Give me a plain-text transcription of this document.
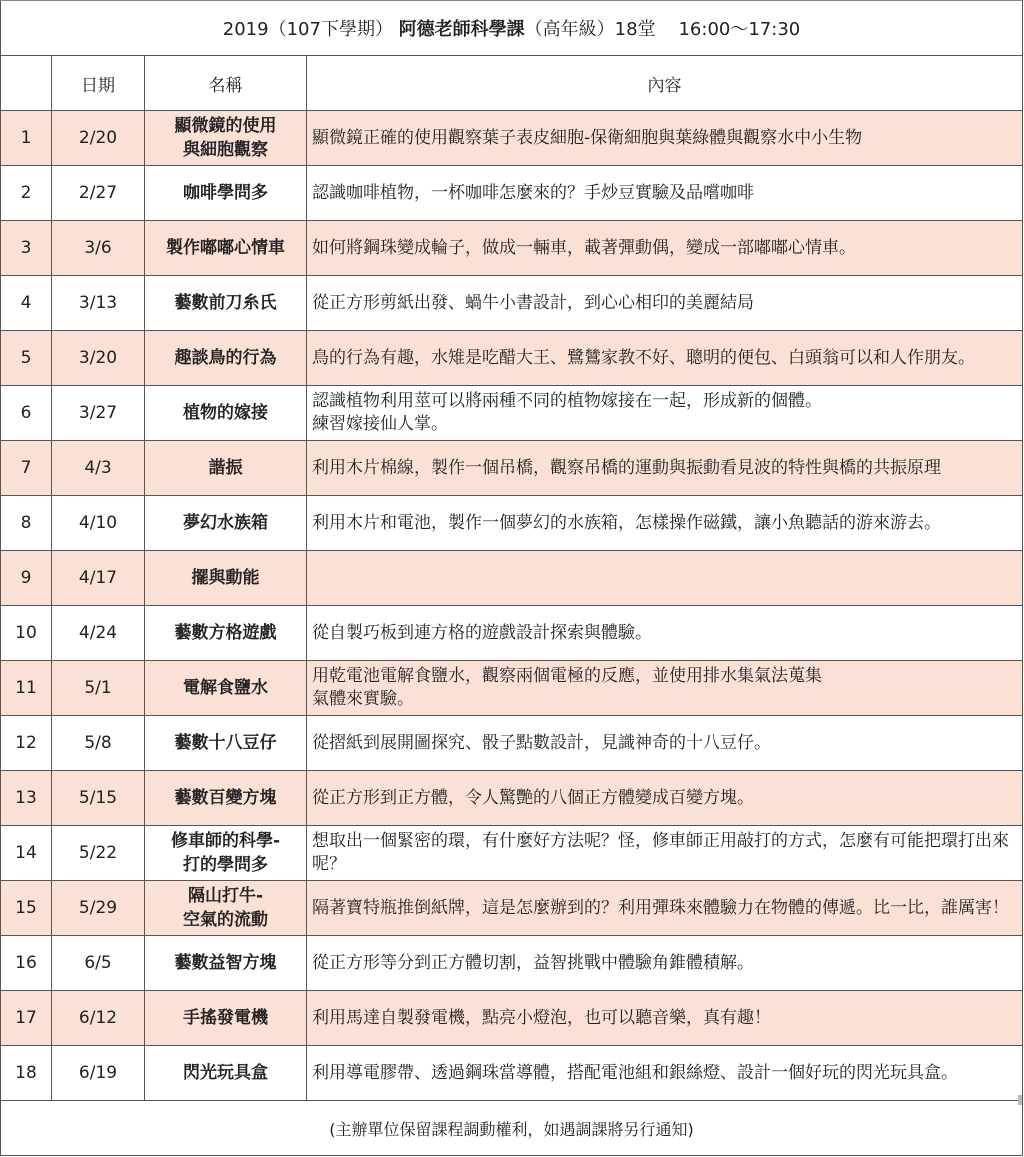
2019（107下學期） 阿德老師科學課（高年級）18堂 16:00～17:30			
	日期	名稱	內容
1	2/20	顯微鏡的使用
與細胞觀察	顯微鏡正確的使用觀察葉子表皮細胞-保衛細胞與葉綠體與觀察水中小生物

2	2/27	咖啡學問多	認識咖啡植物，一杯咖啡怎麼來的？手炒豆實驗及品嚐咖啡

3	3/6	製作嘟嘟心情車	如何將鋼珠變成輪子，做成一輛車，載著彈動偶，變成一部嘟嘟心情車。

4	3/13	藝數前刀糸氏	從正方形剪紙出發、蝸牛小書設計，到心心相印的美麗結局

5	3/20	趣談鳥的行為	鳥的行為有趣，水雉是吃醋大王、鷺鷥家教不好、聰明的便包、白頭翁可以和人作朋友。

6	3/27	植物的嫁接	認識植物利用莖可以將兩種不同的植物嫁接在一起，形成新的個體。
練習嫁接仙人掌。

7	4/3	諧振	利用木片棉線，製作一個吊橋，觀察吊橋的運動與振動看見波的特性與橋的共振原理

8	4/10	夢幻水族箱	利用木片和電池，製作一個夢幻的水族箱，怎樣操作磁鐵，讓小魚聽話的游來游去。

9	4/17	擺與動能	

10	4/24	藝數方格遊戲	從自製巧板到連方格的遊戲設計探索與體驗。

11	5/1	電解食鹽水	用乾電池電解食鹽水，觀察兩個電極的反應，並使用排水集氣法蒐集
氣體來實驗。

12	5/8	藝數十八豆仔	從摺紙到展開圖探究、骰子點數設計，見識神奇的十八豆仔。

13	5/15	藝數百變方塊	從正方形到正方體，令人驚艷的八個正方體變成百變方塊。

14	5/22	修車師的科學-
打的學問多	想取出一個緊密的環，有什麼好方法呢？怪，修車師正用敲打的方式，怎麼有可能把環打出來呢？

15	5/29	隔山打牛-
空氣的流動	隔著寶特瓶推倒紙牌，這是怎麼辦到的？利用彈珠來體驗力在物體的傳遞。比一比，誰厲害！

16	6/5	藝數益智方塊	從正方形等分到正方體切割，益智挑戰中體驗角錐體積解。

17	6/12	手搖發電機	利用馬達自製發電機，點亮小燈泡，也可以聽音樂，真有趣！

18	6/19	閃光玩具盒	利用導電膠帶、透過鋼珠當導體，搭配電池組和銀絲燈、設計一個好玩的閃光玩具盒。

(主辦單位保留課程調動權利，如遇調課將另行通知)			
